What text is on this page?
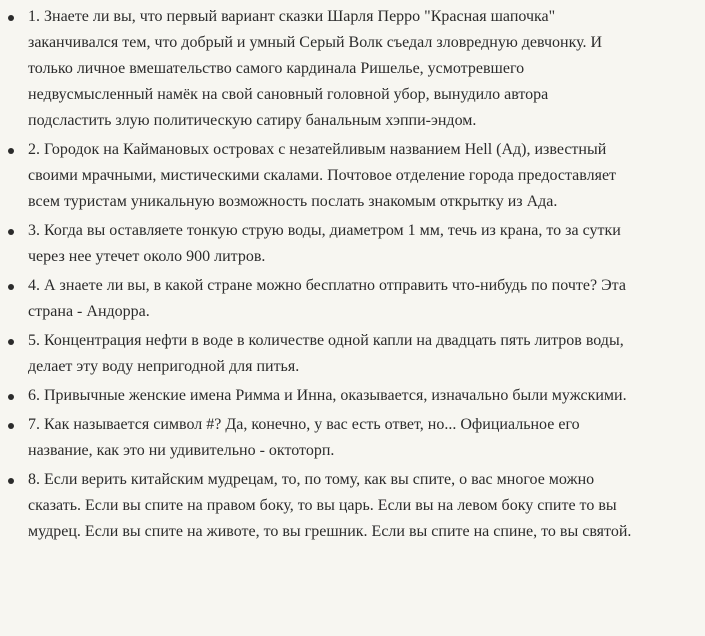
1. Знаете ли вы, что первый вариант сказки Шарля Перро "Красная шапочка" заканчивался тем, что добрый и умный Серый Волк съедал зловредную девчонку. И только личное вмешательство самого кардинала Ришелье, усмотревшего недвусмысленный намёк на свой сановный головной убор, вынудило автора подсластить злую политическую сатиру банальным хэппи-эндом.
2. Городок на Каймановых островах с незатейливым названием Hell (Ад), известный своими мрачными, мистическими скалами. Почтовое отделение города предоставляет всем туристам уникальную возможность послать знакомым открытку из Ада.
3. Когда вы оставляете тонкую струю воды, диаметром 1 мм, течь из крана, то за сутки через нее утечет около 900 литров.
4. А знаете ли вы, в какой стране можно бесплатно отправить что-нибудь по почте? Эта страна - Андорра.
5. Концентрация нефти в воде в количестве одной капли на двадцать пять литров воды, делает эту воду непригодной для питья.
6. Привычные женские имена Римма и Инна, оказывается, изначально были мужскими.
7. Как называется символ #? Да, конечно, у вас есть ответ, но... Официальное его название, как это ни удивительно - октоторп.
8. Если верить китайским мудрецам, то, по тому, как вы спите, о вас многое можно сказать. Если вы спите на правом боку, то вы царь. Если вы на левом боку спите то вы мудрец. Если вы спите на животе, то вы грешник. Если вы спите на спине, то вы святой.
